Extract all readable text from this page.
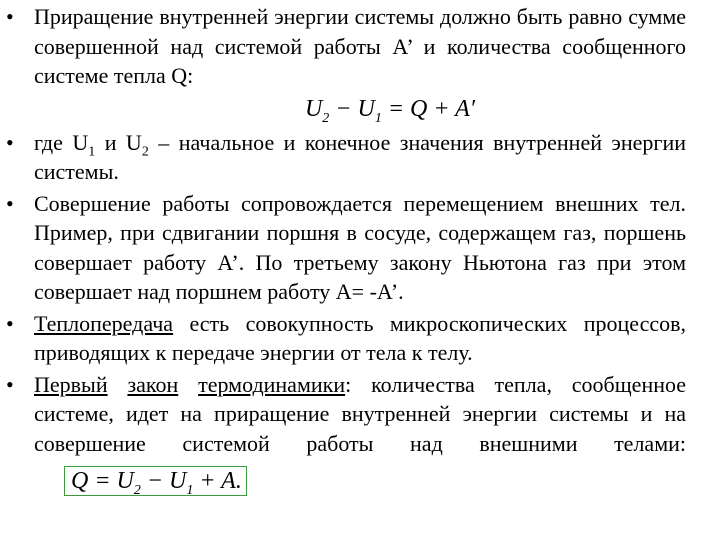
• Приращение внутренней энергии системы должно быть равно сумме совершенной над системой работы А’ и количества сообщенного системе тепла Q:
$U_2 - U_1 = Q + A'$
• где $U_1$ и $U_2$ – начальное и конечное значения внутренней энергии системы.
• Совершение работы сопровождается перемещением внешних тел. Пример, при сдвигании поршня в сосуде, содержащем газ, поршень совершает работу А’. По третьему закону Ньютона газ при этом совершает над поршнем работу А= -А’.
• Теплопередача есть совокупность микроскопических процессов, приводящих к передаче энергии от тела к телу.
• Первый закон термодинамики: количества тепла, сообщенное системе, идет на приращение внутренней энергии системы и на совершение системой работы над внешними телами:Q = $U_2 - U_1 + A$.
